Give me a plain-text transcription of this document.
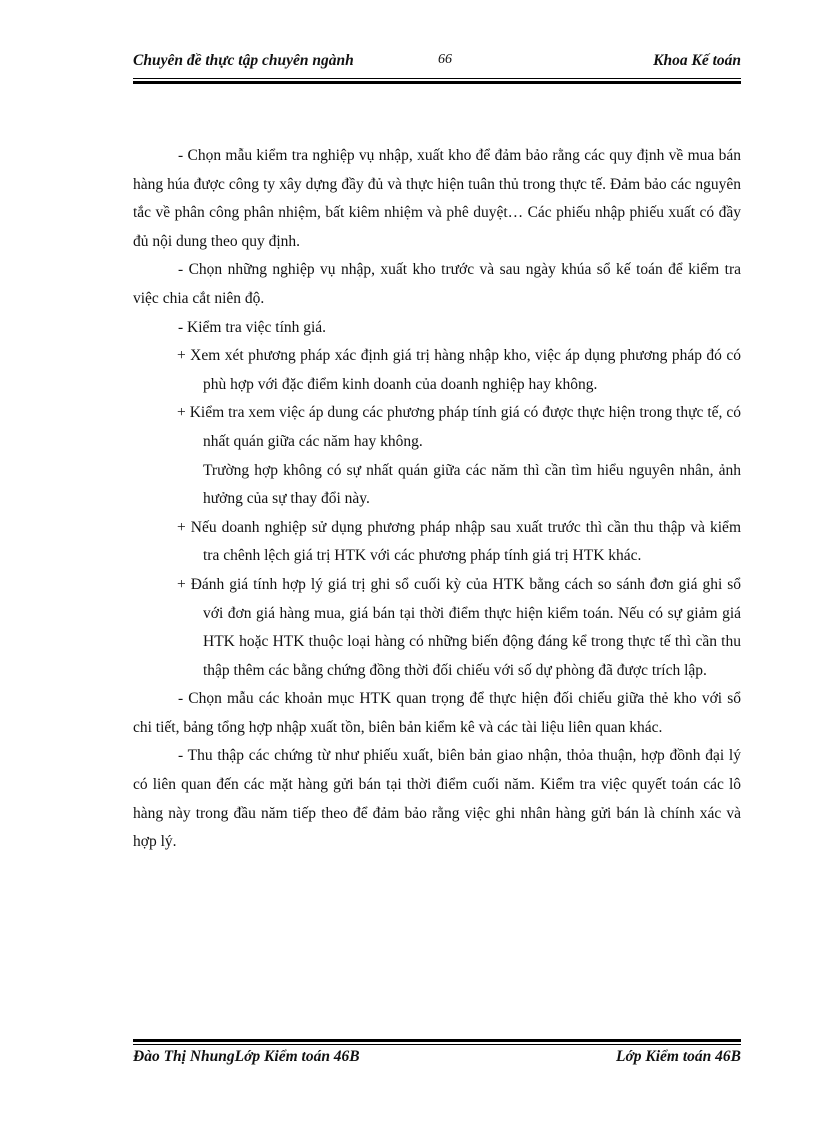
Chuyên đề thực tập chuyên ngành	66	Khoa Kế toán

- Chọn mẫu kiểm tra nghiệp vụ nhập, xuất kho để đảm bảo rằng các quy định về mua bán hàng húa được công ty xây dựng đầy đủ và thực hiện tuân thủ trong thực tế. Đảm bảo các nguyên tắc về phân công phân nhiệm, bất kiêm nhiệm và phê duyệt… Các phiếu nhập phiếu xuất có đầy đủ nội dung theo quy định.

- Chọn những nghiệp vụ nhập, xuất kho trước và sau ngày khúa sổ kế toán để kiểm tra việc chia cắt niên độ.

- Kiểm tra việc tính giá.

+ Xem xét phương pháp xác định giá trị hàng nhập kho, việc áp dụng phương pháp đó có phù hợp với đặc điểm kinh doanh của doanh nghiệp hay không.

+ Kiểm tra xem việc áp dung các phương pháp tính giá có được thực hiện trong thực tế, có nhất quán giữa các năm hay không.

Trường hợp không có sự nhất quán giữa các năm thì cần tìm hiểu nguyên nhân, ảnh hưởng của sự thay đổi này.

+ Nếu doanh nghiệp sử dụng phương pháp nhập sau xuất trước thì cần thu thập và kiểm tra chênh lệch giá trị HTK với các phương pháp tính giá trị HTK khác.

+ Đánh giá tính hợp lý giá trị ghi sổ cuối kỳ của HTK bằng cách so sánh đơn giá ghi sổ với đơn giá hàng mua, giá bán tại thời điểm thực hiện kiểm toán. Nếu có sự giảm giá HTK hoặc HTK thuộc loại hàng có những biến động đáng kể trong thực tế thì cần thu thập thêm các bằng chứng đồng thời đối chiếu với số dự phòng đã được trích lập.

- Chọn mẫu các khoản mục HTK quan trọng để thực hiện đối chiếu giữa thẻ kho với sổ chi tiết, bảng tổng hợp nhập xuất tồn, biên bản kiểm kê và các tài liệu liên quan khác.

- Thu thập các chứng từ như phiếu xuất, biên bản giao nhận, thỏa thuận, hợp đồnh đại lý có liên quan đến các mặt hàng gửi bán tại thời điểm cuối năm. Kiểm tra việc quyết toán các lô hàng này trong đầu năm tiếp theo để đảm bảo rằng việc ghi nhân hàng gửi bán là chính xác và hợp lý.

Đào Thị NhungLớp Kiểm toán 46B	Lớp Kiểm toán 46B
